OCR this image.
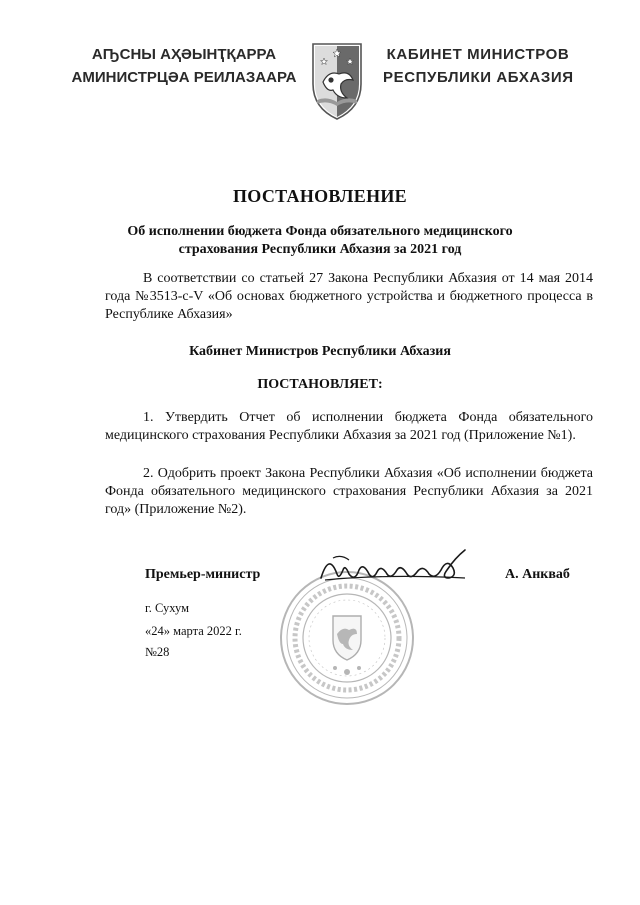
АҦСНЫ АҲӘЫНҬҚАРРА
АМИНИСТРЦӘА РЕИЛАЗААРА
КАБИНЕТ МИНИСТРОВ
РЕСПУБЛИКИ АБХАЗИЯ
ПОСТАНОВЛЕНИЕ
Об исполнении бюджета Фонда обязательного медицинского страхования Республики Абхазия за 2021 год
В соответствии со статьей 27 Закона Республики Абхазия от 14 мая 2014 года №3513-с-V «Об основах бюджетного устройства и бюджетного процесса в Республике Абхазия»
Кабинет Министров Республики Абхазия
ПОСТАНОВЛЯЕТ:
1. Утвердить Отчет об исполнении бюджета Фонда обязательного медицинского страхования Республики Абхазия за 2021 год (Приложение №1).
2. Одобрить проект Закона Республики Абхазия «Об исполнении бюджета Фонда обязательного медицинского страхования Республики Абхазия за 2021 год» (Приложение №2).
Премьер-министр	А. Анкваб
г. Сухум
«24» марта 2022 г.
№28
